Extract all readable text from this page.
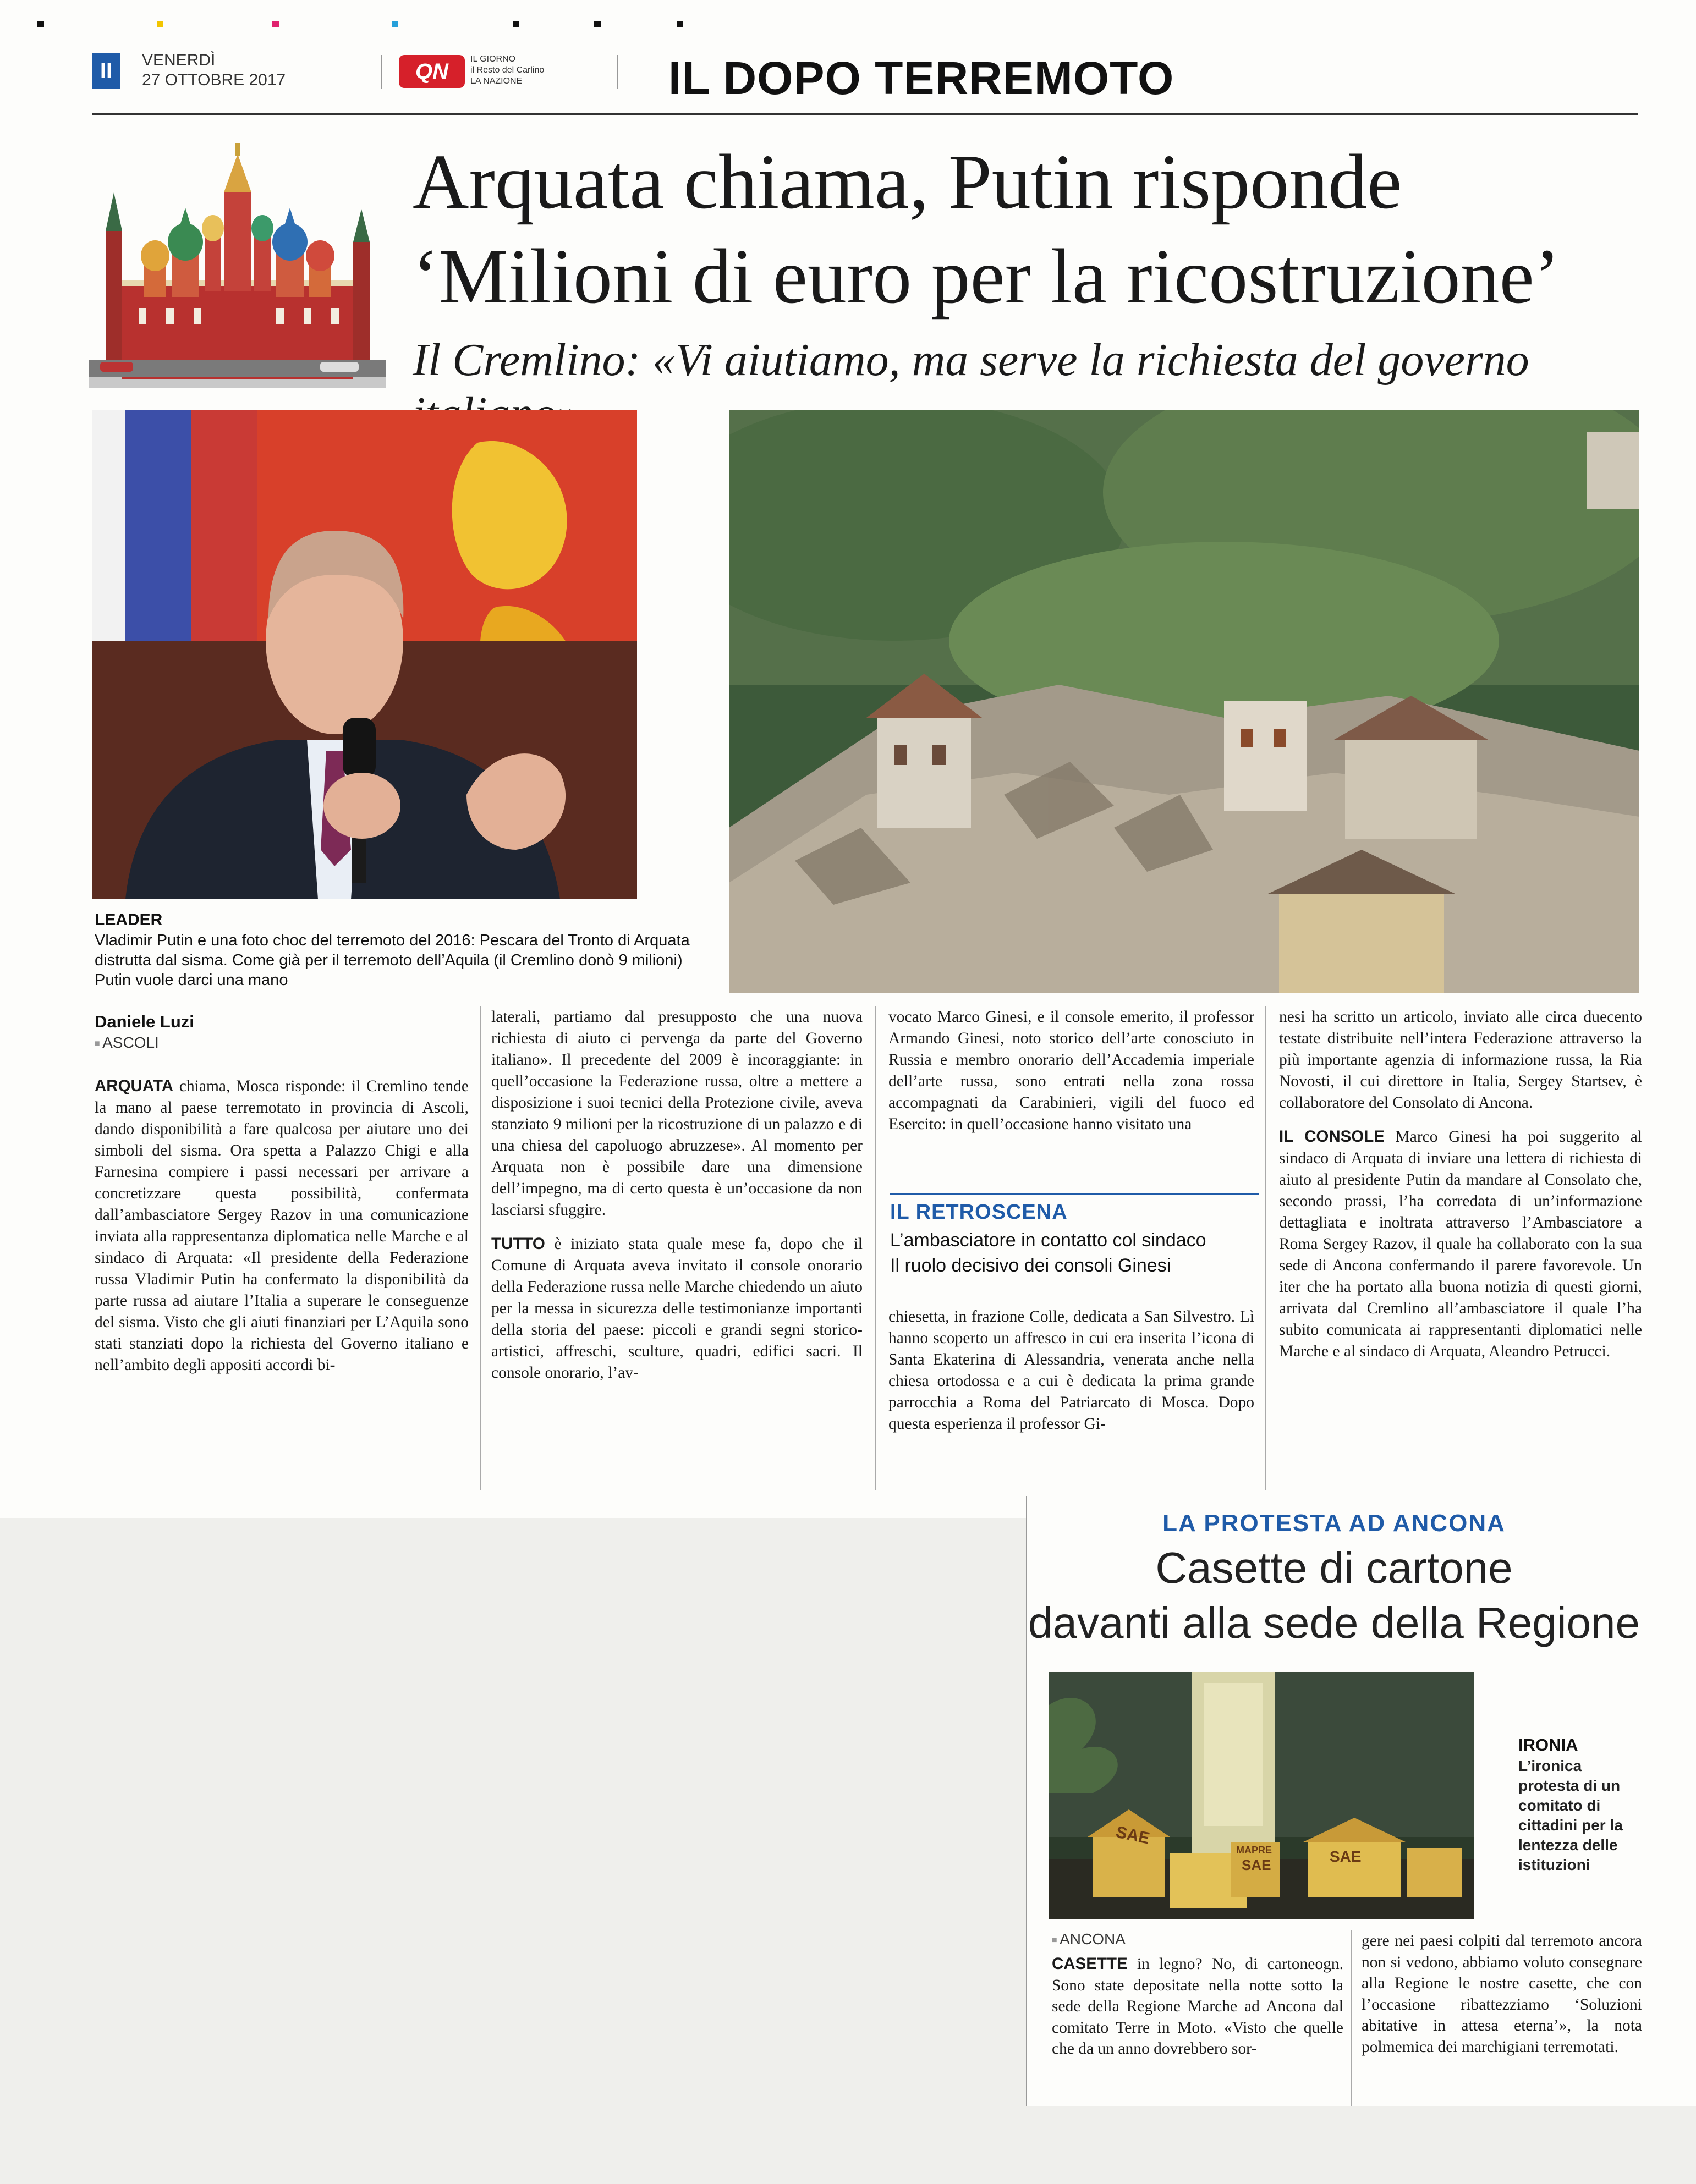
II	VENERDÌ
27 OTTOBRE 2017	QN	IL GIORNO
il Resto del Carlino
LA NAZIONE	IL DOPO TERREMOTO
Arquata chiama, Putin risponde
‘Milioni di euro per la ricostruzione’
Il Cremlino: «Vi aiutiamo, ma serve la richiesta del governo
LEADER
Vladimir Putin e una foto choc del terremoto del 2016: Pescara del Tronto di Arquata distrutta dal sisma. Come già per il terremoto dell’Aquila (il Cremlino donò 9 milioni) Putin vuole darci una mano
Daniele Luzi
■ ASCOLI
ARQUATA chiama, Mosca risponde: il Cremlino tende la mano al paese terremotato in provincia di Ascoli, dando disponibilità a fare qualcosa per aiutare uno dei simboli del sisma. Ora spetta a Palazzo Chigi e alla Farnesina compiere i passi necessari per arrivare a concretizzare questa possibilità, confermata dall’ambasciatore Sergey Razov in una comunicazione inviata alla rappresentanza diplomatica nelle Marche e al sindaco di Arquata: «Il presidente della Federazione russa Vladimir Putin ha confermato la disponibilità da parte russa ad aiutare l’Italia a superare le conseguenze del sisma. Visto che gli aiuti finanziari per L’Aquila sono stati stanziati dopo la richiesta del Governo italiano e nell’ambito degli appositi accordi bi-

laterali, partiamo dal presupposto che una nuova richiesta di aiuto ci pervenga da parte del Governo italiano». Il precedente del 2009 è incoraggiante: in quell’occasione la Federazione russa, oltre a mettere a disposizione i suoi tecnici della Protezione civile, aveva stanziato 9 milioni per la ricostruzione di un palazzo e di una chiesa del capoluogo abruzzese». Al momento per Arquata non è possibile dare una dimensione dell’impegno, ma di certo questa è un’occasione da non lasciarsi sfuggire.

TUTTO è iniziato stata quale mese fa, dopo che il Comune di Arquata aveva invitato il console onorario della Federazione russa nelle Marche chiedendo un aiuto per la messa in sicurezza delle testimonianze importanti della storia del paese: piccoli e grandi segni storico-artistici, affreschi, sculture, quadri, edifici sacri. Il console onorario, l’av-

vocato Marco Ginesi, e il console emerito, il professor Armando Ginesi, noto storico dell’arte conosciuto in Russia e membro onorario dell’Accademia imperiale dell’arte russa, sono entrati nella zona rossa accompagnati da Carabinieri, vigili del fuoco ed Esercito: in quell’occasione hanno visitato una

IL RETROSCENA
L’ambasciatore in contatto col sindaco
Il ruolo decisivo dei consoli Ginesi

chiesetta, in frazione Colle, dedicata a San Silvestro. Lì hanno scoperto un affresco in cui era inserita l’icona di Santa Ekaterina di Alessandria, venerata anche nella chiesa ortodossa e a cui è dedicata la prima grande parrocchia a Roma del Patriarcato di Mosca. Dopo questa esperienza il professor Gi-

nesi ha scritto un articolo, inviato alle circa duecento testate distribuite nell’intera Federazione attraverso la più importante agenzia di informazione russa, la Ria Novosti, il cui direttore in Italia, Sergey Startsev, è collaboratore del Consolato di Ancona.

IL CONSOLE Marco Ginesi ha poi suggerito al sindaco di Arquata di inviare una lettera di richiesta di aiuto al presidente Putin da mandare al Consolato che, secondo prassi, l’ha corredata di un’informazione dettagliata e inoltrata attraverso l’Ambasciatore a Roma Sergey Razov, il quale ha collaborato con la sua sede di Ancona confermando il parere favorevole. Un iter che ha portato alla buona notizia di questi giorni, arrivata dal Cremlino all’ambasciatore il quale l’ha subito comunicata ai rappresentanti diplomatici nelle Marche e al sindaco di Arquata, Aleandro Petrucci.

LA PROTESTA AD ANCONA
Casette di cartone
davanti alla sede della Regione
SAE
SAE	SAE
MAPRE
IRONIA
L’ironica protesta di un comitato di cittadini per la lentezza delle istituzioni
■ ANCONA
CASETTE in legno? No, di cartoneogn. Sono state depositate nella notte sotto la sede della Regione Marche ad Ancona dal comitato Terre in Moto. «Visto che quelle che da un anno dovrebbero sor-
gere nei paesi colpiti dal terremoto ancora non si vedono, abbiamo voluto consegnare alla Regione le nostre casette, che con l’occasione ribattezziamo ‘Soluzioni abitative in attesa eterna’», la nota polmemica dei marchigiani terremotati.
